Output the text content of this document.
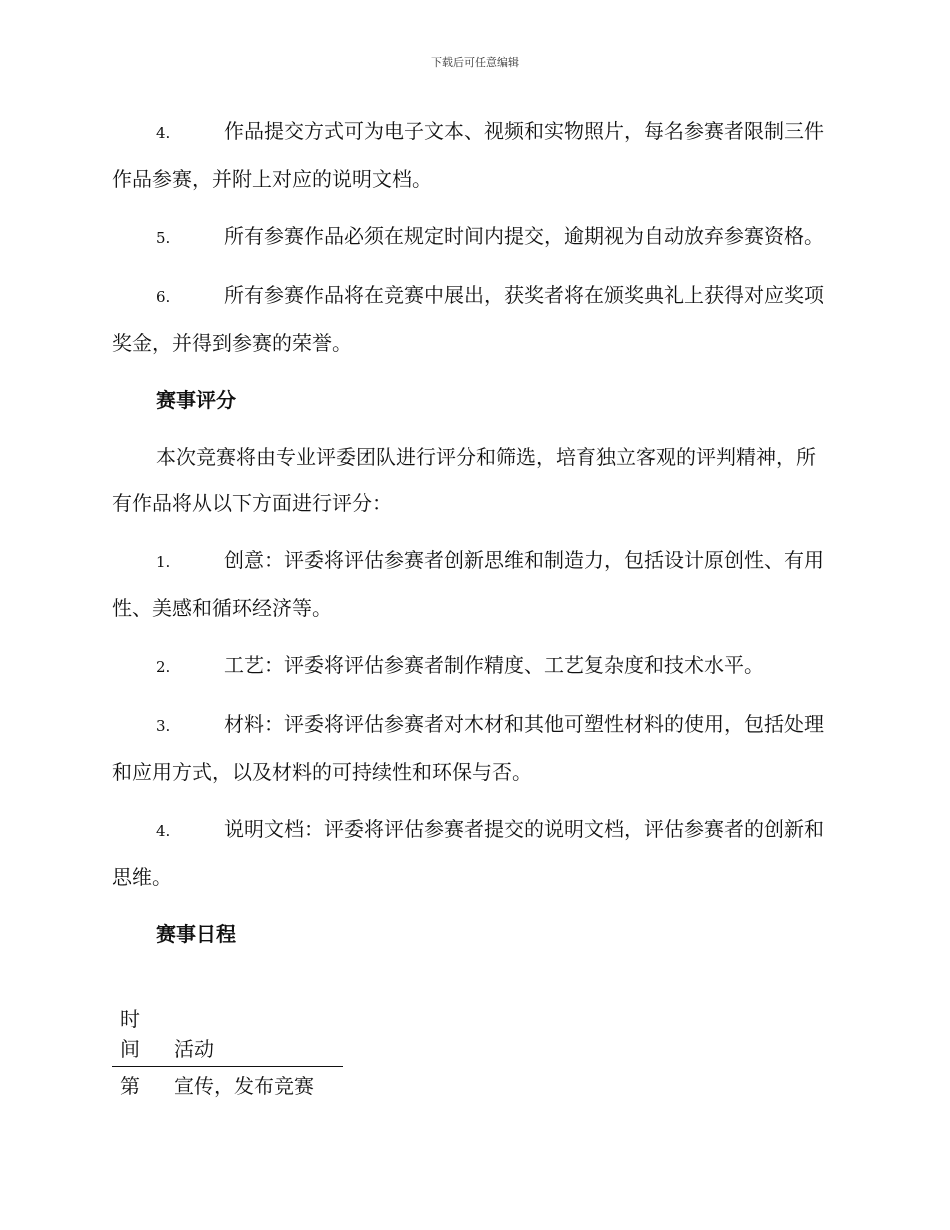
下载后可任意编辑
4.	作品提交方式可为电子文本、视频和实物照片，每名参赛者限制三件作品参赛，并附上对应的说明文档。
5.	所有参赛作品必须在规定时间内提交，逾期视为自动放弃参赛资格。
6.	所有参赛作品将在竞赛中展出，获奖者将在颁奖典礼上获得对应奖项奖金，并得到参赛的荣誉。
赛事评分
本次竞赛将由专业评委团队进行评分和筛选，培育独立客观的评判精神，所有作品将从以下方面进行评分：
1.	创意：评委将评估参赛者创新思维和制造力，包括设计原创性、有用性、美感和循环经济等。
2.	工艺：评委将评估参赛者制作精度、工艺复杂度和技术水平。
3.	材料：评委将评估参赛者对木材和其他可塑性材料的使用，包括处理和应用方式，以及材料的可持续性和环保与否。
4.	说明文档：评委将评估参赛者提交的说明文档，评估参赛者的创新和思维。
赛事日程
时
间	活动
第	宣传，发布竞赛
